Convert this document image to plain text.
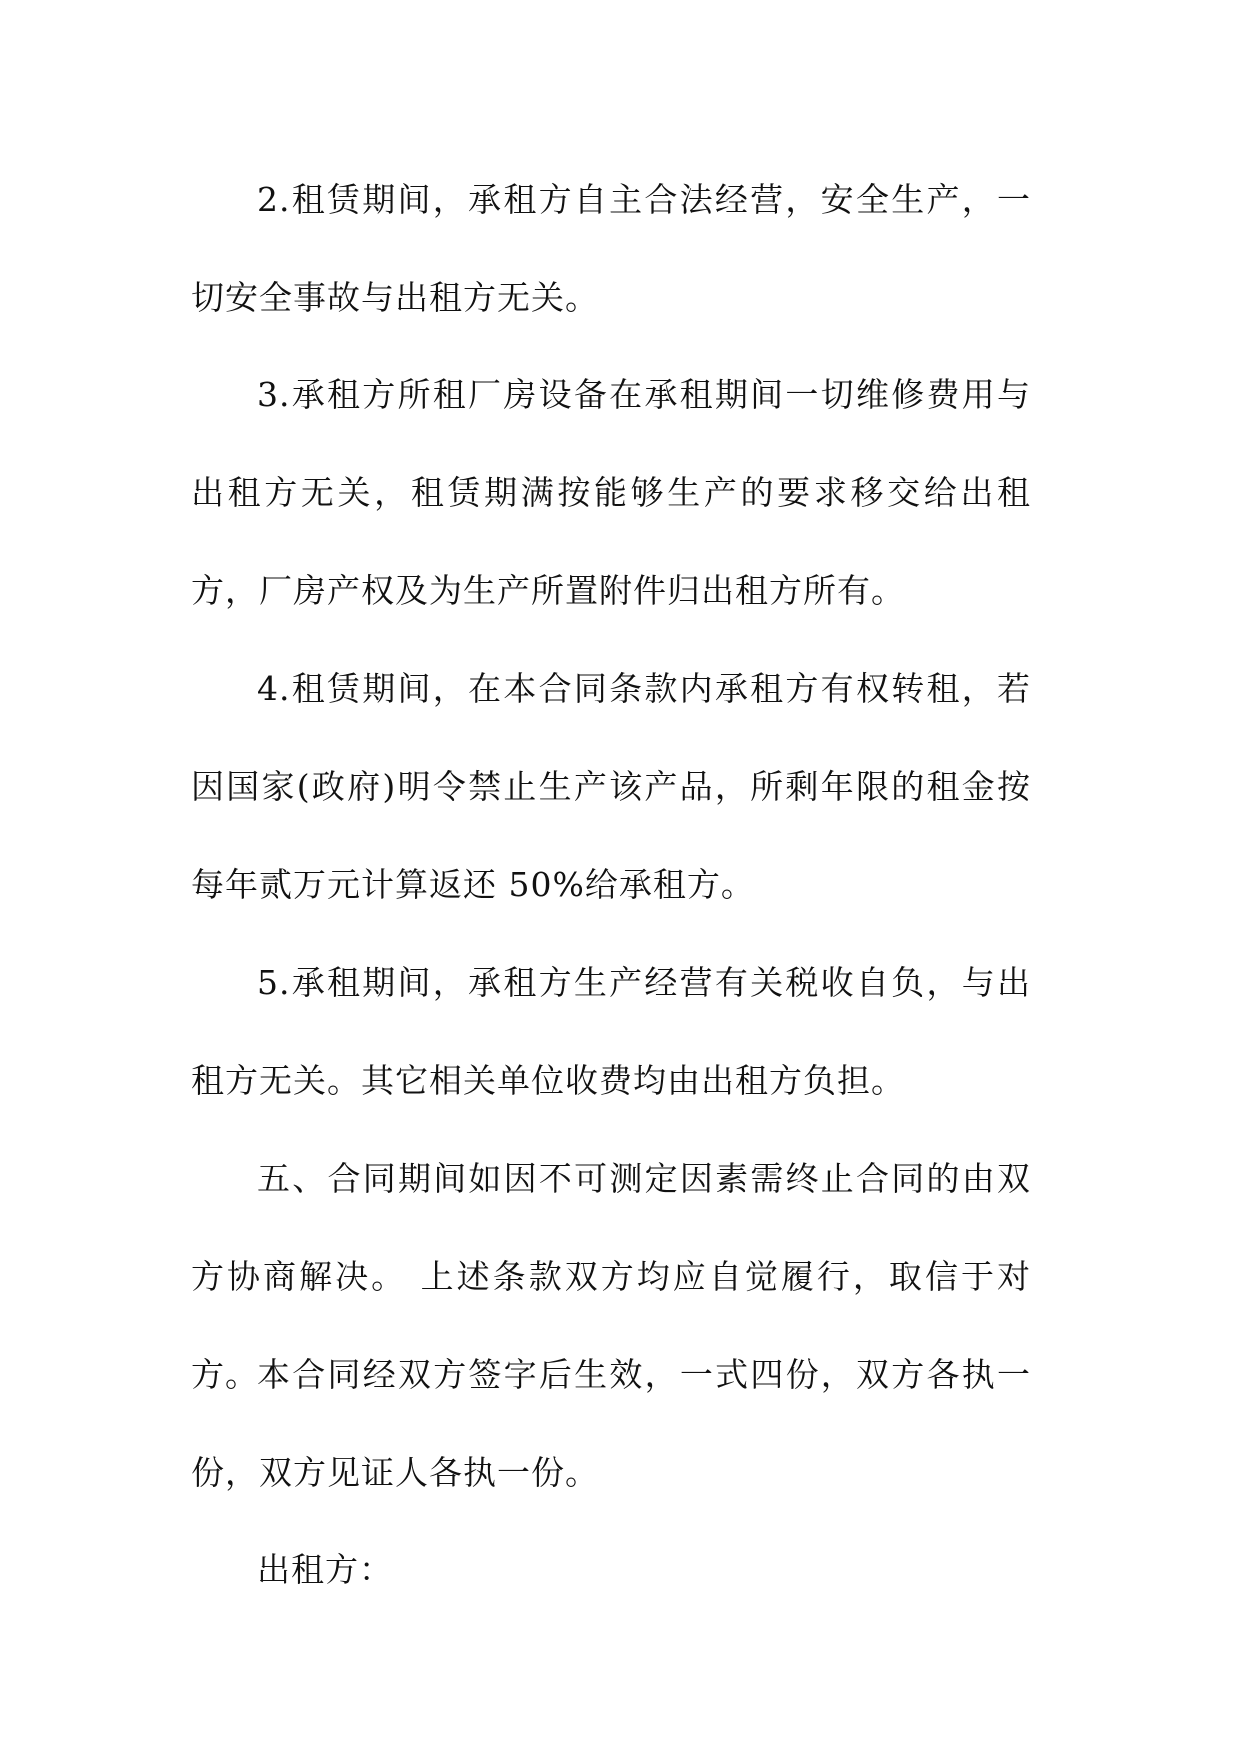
2.租赁期间，承租方自主合法经营，安全生产，一切安全事故与出租方无关。

3.承租方所租厂房设备在承租期间一切维修费用与出租方无关，租赁期满按能够生产的要求移交给出租方，厂房产权及为生产所置附件归出租方所有。

4.租赁期间，在本合同条款内承租方有权转租，若因国家(政府)明令禁止生产该产品，所剩年限的租金按每年贰万元计算返还 50%给承租方。

5.承租期间，承租方生产经营有关税收自负，与出租方无关。其它相关单位收费均由出租方负担。

五、合同期间如因不可测定因素需终止合同的由双方协商解决。 上述条款双方均应自觉履行，取信于对方。

本合同经双方签字后生效，一式四份，双方各执一份，双方见证人各执一份。

出租方：
